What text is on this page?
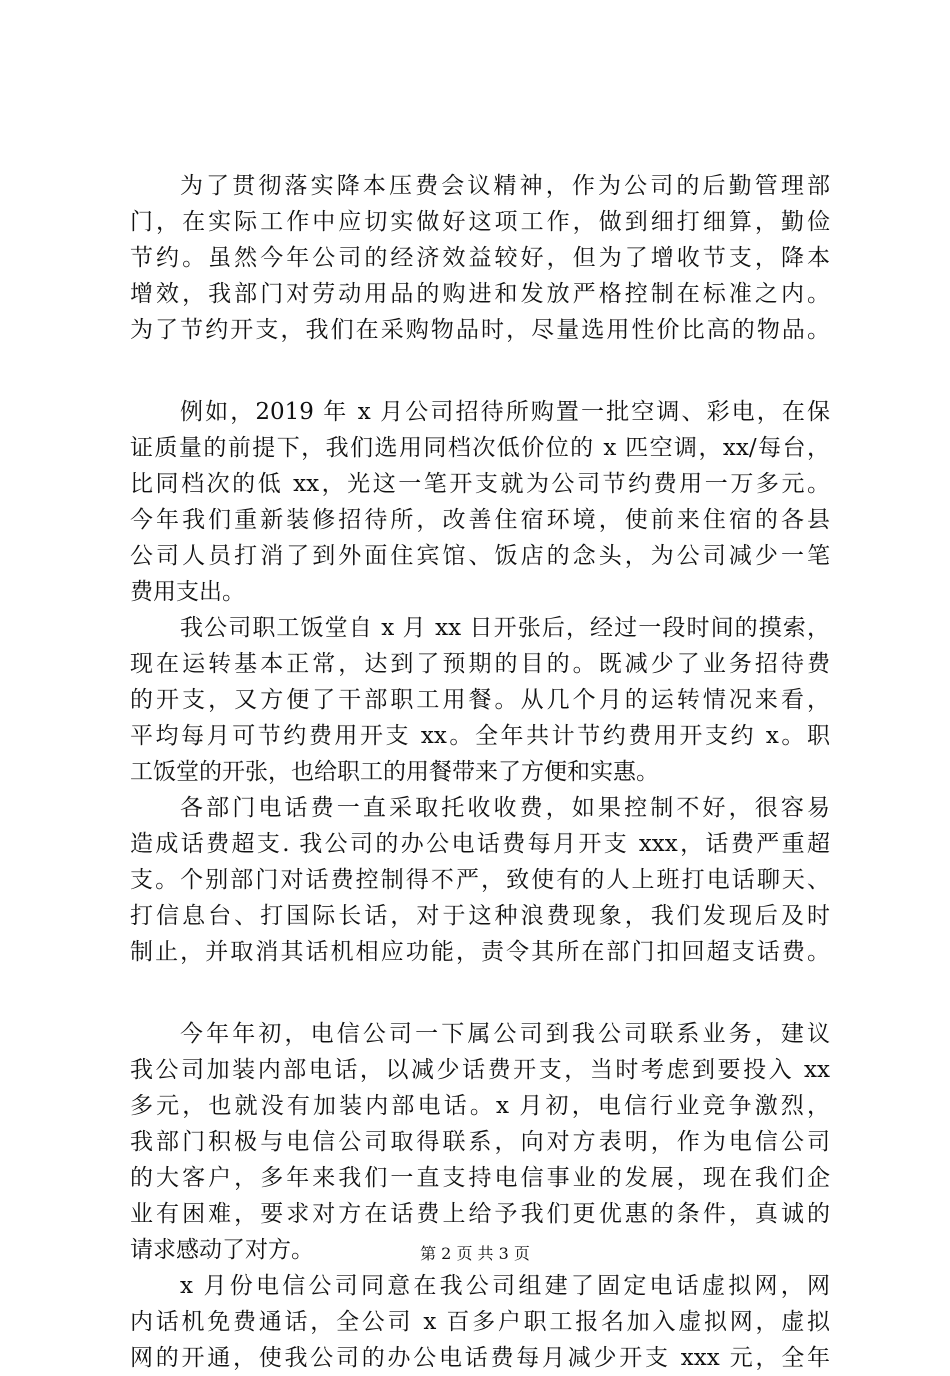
为了贯彻落实降本压费会议精神，作为公司的后勤管理部
门，在实际工作中应切实做好这项工作，做到细打细算，勤俭
节约。虽然今年公司的经济效益较好，但为了增收节支，降本
增效，我部门对劳动用品的购进和发放严格控制在标准之内。
为了节约开支，我们在采购物品时，尽量选用性价比高的物品。
例如，2019 年 x 月公司招待所购置一批空调、彩电，在保
证质量的前提下，我们选用同档次低价位的 x 匹空调，xx/每台，
比同档次的低 xx，光这一笔开支就为公司节约费用一万多元。
今年我们重新装修招待所，改善住宿环境，使前来住宿的各县
公司人员打消了到外面住宾馆、饭店的念头，为公司减少一笔
费用支出。
我公司职工饭堂自 x 月 xx 日开张后，经过一段时间的摸索，
现在运转基本正常，达到了预期的目的。既减少了业务招待费
的开支，又方便了干部职工用餐。从几个月的运转情况来看，
平均每月可节约费用开支 xx。全年共计节约费用开支约 x。职
工饭堂的开张，也给职工的用餐带来了方便和实惠。
各部门电话费一直采取托收收费，如果控制不好，很容易
造成话费超支. 我公司的办公电话费每月开支 xxx，话费严重超
支。个别部门对话费控制得不严，致使有的人上班打电话聊天、
打信息台、打国际长话，对于这种浪费现象，我们发现后及时
制止，并取消其话机相应功能，责令其所在部门扣回超支话费。
今年年初，电信公司一下属公司到我公司联系业务，建议
我公司加装内部电话，以减少话费开支，当时考虑到要投入 xx
多元，也就没有加装内部电话。x 月初，电信行业竞争激烈，
我部门积极与电信公司取得联系，向对方表明，作为电信公司
的大客户，多年来我们一直支持电信事业的发展，现在我们企
业有困难，要求对方在话费上给予我们更优惠的条件，真诚的
请求感动了对方。
x 月份电信公司同意在我公司组建了固定电话虚拟网，网
内话机免费通话，全公司 x 百多户职工报名加入虚拟网，虚拟
网的开通，使我公司的办公电话费每月减少开支 xxx 元，全年
第 2 页 共 3 页
